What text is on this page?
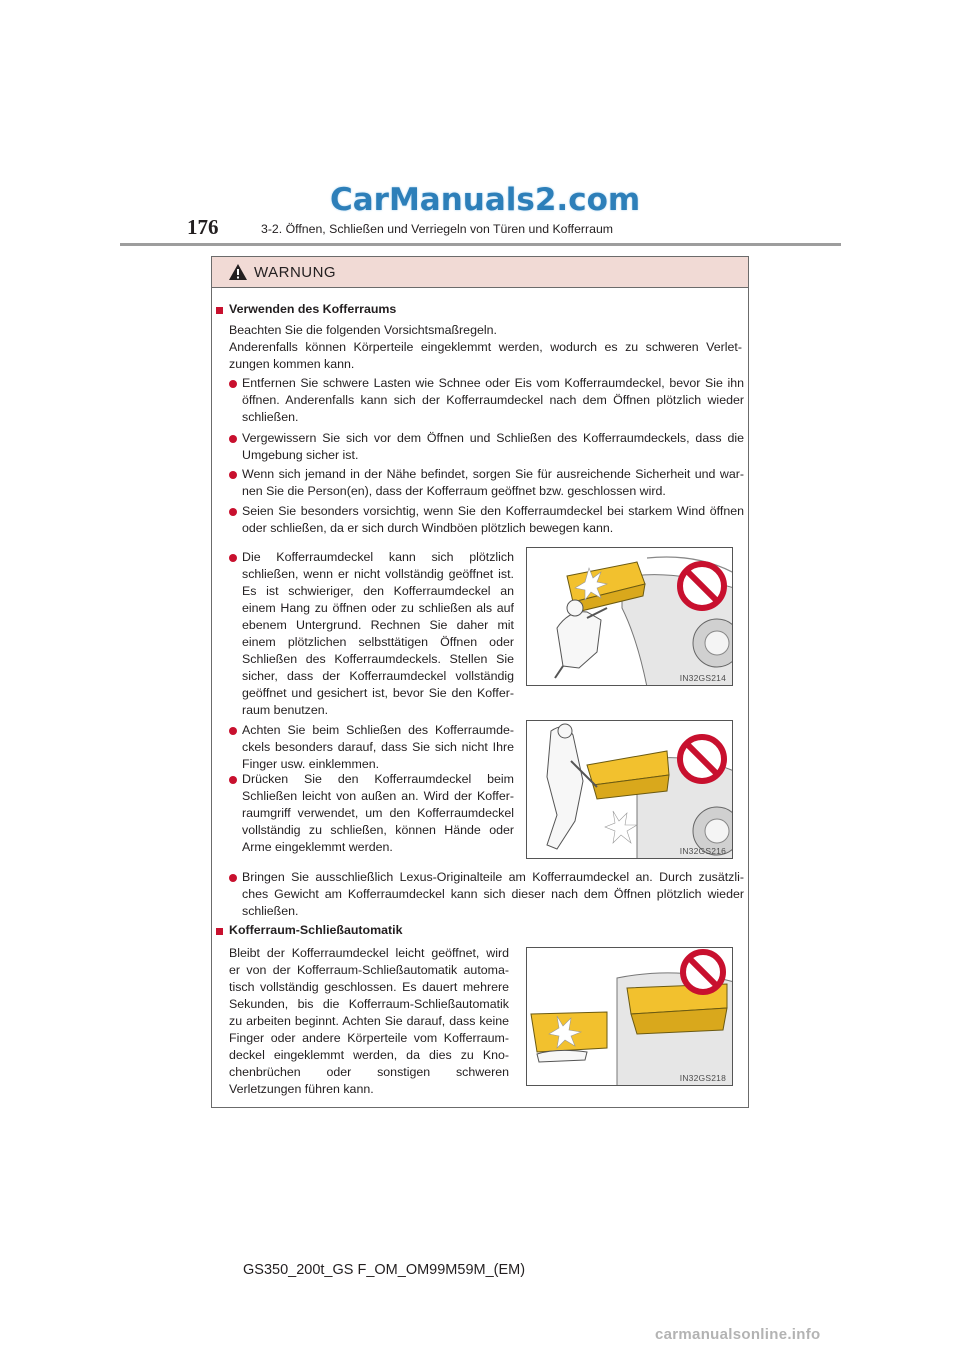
CarManuals2.com
176	3-2. Öffnen, Schließen und Verriegeln von Türen und Kofferraum
WARNUNG
Verwenden des Kofferraums
Beachten Sie die folgenden Vorsichtsmaßregeln.
Anderenfalls können Körperteile eingeklemmt werden, wodurch es zu schweren Verlet-
zungen kommen kann.
Entfernen Sie schwere Lasten wie Schnee oder Eis vom Kofferraumdeckel, bevor Sie ihn
öffnen. Anderenfalls kann sich der Kofferraumdeckel nach dem Öffnen plötzlich wieder
schließen.
Vergewissern Sie sich vor dem Öffnen und Schließen des Kofferraumdeckels, dass die
Umgebung sicher ist.
Wenn sich jemand in der Nähe befindet, sorgen Sie für ausreichende Sicherheit und war-
nen Sie die Person(en), dass der Kofferraum geöffnet bzw. geschlossen wird.
Seien Sie besonders vorsichtig, wenn Sie den Kofferraumdeckel bei starkem Wind öffnen
oder schließen, da er sich durch Windböen plötzlich bewegen kann.
Die Kofferraumdeckel kann sich plötzlich
schließen, wenn er nicht vollständig geöffnet ist.
Es ist schwieriger, den Kofferraumdeckel an
einem Hang zu öffnen oder zu schließen als auf
ebenem Untergrund. Rechnen Sie daher mit
einem plötzlichen selbsttätigen Öffnen oder
Schließen des Kofferraumdeckels. Stellen Sie
sicher, dass der Kofferraumdeckel vollständig
geöffnet und gesichert ist, bevor Sie den Koffer-
raum benutzen.
IN32GS214
Achten Sie beim Schließen des Kofferraumde-
ckels besonders darauf, dass Sie sich nicht Ihre
Finger usw. einklemmen.
Drücken Sie den Kofferraumdeckel beim
Schließen leicht von außen an. Wird der Koffer-
raumgriff verwendet, um den Kofferraumdeckel
vollständig zu schließen, können Hände oder
Arme eingeklemmt werden.	IN32GS216
Bringen Sie ausschließlich Lexus-Originalteile am Kofferraumdeckel an. Durch zusätzli-
ches Gewicht am Kofferraumdeckel kann sich dieser nach dem Öffnen plötzlich wieder
schließen.
Kofferraum-Schließautomatik
Bleibt der Kofferraumdeckel leicht geöffnet, wird
er von der Kofferraum-Schließautomatik automa-
tisch vollständig geschlossen. Es dauert mehrere
Sekunden, bis die Kofferraum-Schließautomatik
zu arbeiten beginnt. Achten Sie darauf, dass keine
Finger oder andere Körperteile vom Kofferraum-
deckel eingeklemmt werden, da dies zu Kno-
chenbrüchen oder sonstigen schweren
Verletzungen führen kann.
IN32GS218
GS350_200t_GS F_OM_OM99M59M_(EM)
carmanualsonline.info
